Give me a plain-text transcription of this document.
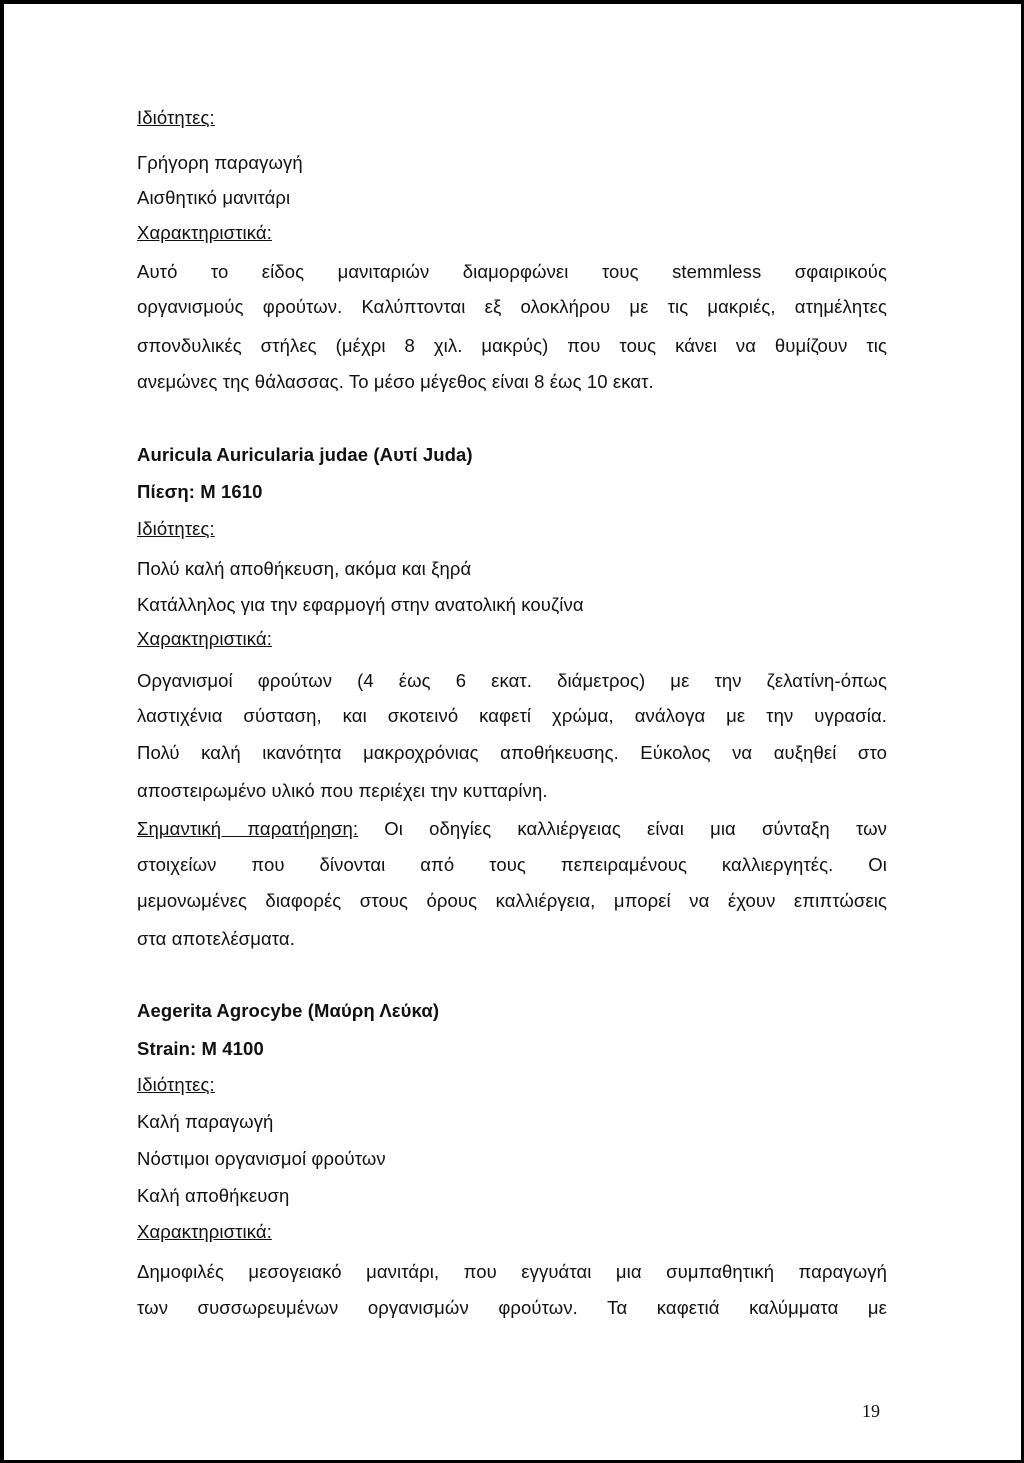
Ιδιότητες:
Γρήγορη παραγωγή
Αισθητικό μανιτάρι
Χαρακτηριστικά:
Αυτό το είδος μανιταριών διαμορφώνει τους stemmless σφαιρικούς
οργανισμούς φρούτων. Καλύπτονται εξ ολοκλήρου με τις μακριές, ατημέλητες
σπονδυλικές στήλες (μέχρι 8 χιλ. μακρύς) που τους κάνει να θυμίζουν τις
ανεμώνες της θάλασσας. Το μέσο μέγεθος είναι 8 έως 10 εκατ.
Auricula Auricularia judae (Αυτί Juda)
Πίεση: M 1610
Ιδιότητες:
Πολύ καλή αποθήκευση, ακόμα και ξηρά
Κατάλληλος για την εφαρμογή στην ανατολική κουζίνα
Χαρακτηριστικά:
Οργανισμοί φρούτων (4 έως 6 εκατ. διάμετρος) με την ζελατίνη-όπως
λαστιχένια σύσταση, και σκοτεινό καφετί χρώμα, ανάλογα με την υγρασία.
Πολύ καλή ικανότητα μακροχρόνιας αποθήκευσης. Εύκολος να αυξηθεί στο
αποστειρωμένο υλικό που περιέχει την κυτταρίνη.
Σημαντική παρατήρηση: Οι οδηγίες καλλιέργειας είναι μια σύνταξη των
στοιχείων που δίνονται από τους πεπειραμένους καλλιεργητές. Οι
μεμονωμένες διαφορές στους όρους καλλιέργεια, μπορεί να έχουν επιπτώσεις
στα αποτελέσματα.
Aegerita Agrocybe (Μαύρη Λεύκα)
Strain: M 4100
Ιδιότητες:
Καλή παραγωγή
Νόστιμοι οργανισμοί φρούτων
Καλή αποθήκευση
Χαρακτηριστικά:
Δημοφιλές μεσογειακό μανιτάρι, που εγγυάται μια συμπαθητική παραγωγή
των συσσωρευμένων οργανισμών φρούτων. Τα καφετιά καλύμματα με
19
